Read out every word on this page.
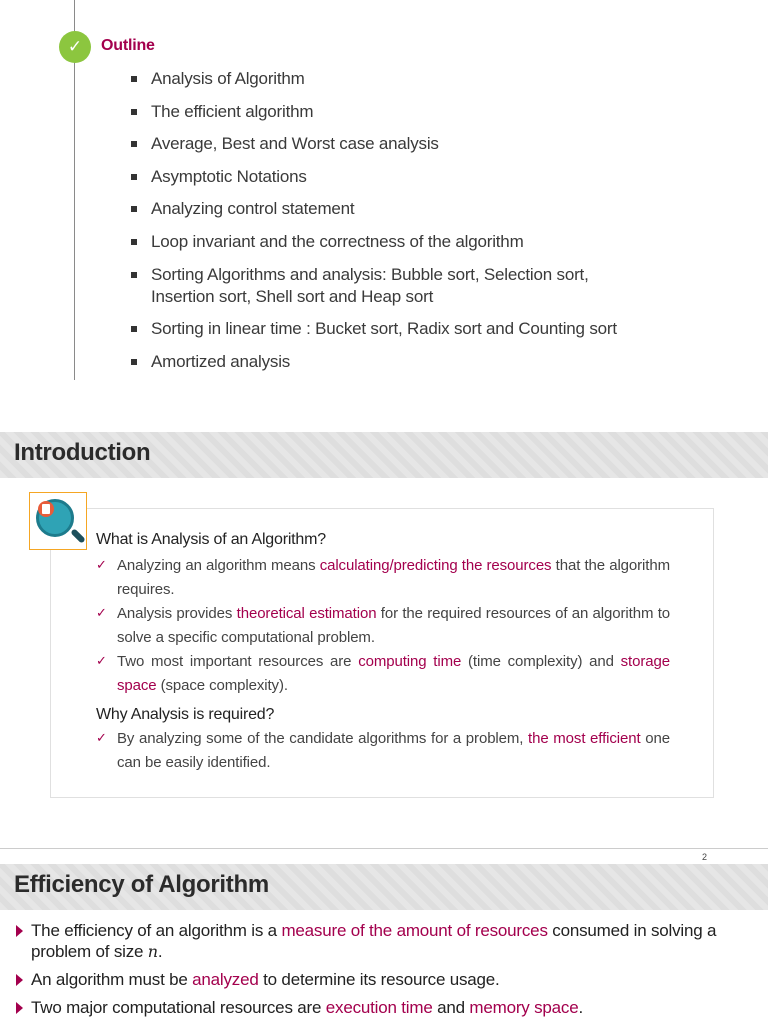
✓	Outline
Analysis of Algorithm
The efficient algorithm
Average, Best and Worst case analysis
Asymptotic Notations
Analyzing control statement
Loop invariant and the correctness of the algorithm
Sorting Algorithms and analysis: Bubble sort, Selection sort,
Insertion sort, Shell sort and Heap sort
Sorting in linear time : Bucket sort, Radix sort and Counting sort
Amortized analysis
Introduction
What is Analysis of an Algorithm?
✓ Analyzing an algorithm means calculating/predicting the resources that the algorithm requires.
✓ Analysis provides theoretical estimation for the required resources of an algorithm to solve a specific computational problem.
✓ Two most important resources are computing time (time complexity) and storage space (space complexity).
Why Analysis is required?
✓ By analyzing some of the candidate algorithms for a problem, the most efficient one can be easily identified.
2
Efficiency of Algorithm
The efficiency of an algorithm is a measure of the amount of resources consumed in solving a problem of size n.
An algorithm must be analyzed to determine its resource usage.
Two major computational resources are execution time and memory space.
